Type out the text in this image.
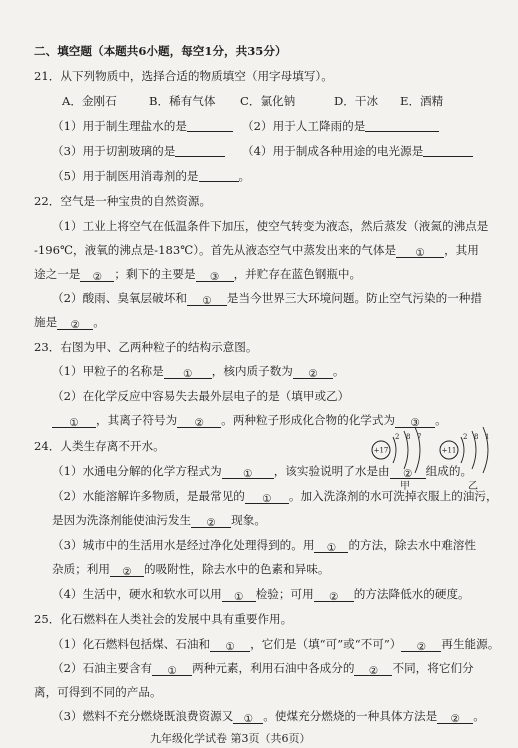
二、填空题（本题共6小题，每空1分，共35分）
21．从下列物质中，选择合适的物质填空（用字母填写）。
A．金刚石	B．稀有气体 C．氯化钠	D．干冰 E．酒精
（1）用于制生理盐水的是	（2）用于人工降雨的是
（3）用于切割玻璃的是	（4）用于制成各种用途的电光源是
（5）用于制医用消毒剂的是	。
22．空气是一种宝贵的自然资源。
（1）工业上将空气在低温条件下加压，使空气转变为液态，然后蒸发（液氮的沸点是
-196℃，液氧的沸点是-183℃）。首先从液态空气中蒸发出来的气体是 ① ，其用
途之一是 ② ；剩下的主要是 ③ ，并贮存在蓝色钢瓶中。
（2）酸雨、臭氧层破坏和 ① 是当今世界三大环境问题。防止空气污染的一种措
施是 ② 。
23．右图为甲、乙两种粒子的结构示意图。
（1）甲粒子的名称是 ① ，核内质子数为 ② 。
（2）在化学反应中容易失去最外层电子的是（填甲或乙）
① ，其离子符号为 ② 。两种粒子形成化合物的化学式为 ③ 。
+17
2 8 7
甲
+11
2 8 1
乙
24．人类生存离不开水。
（1）水通电分解的化学方程式为 ① ，该实验说明了水是由 ② 组成的。
（2）水能溶解许多物质，是最常见的 ① 。加入洗涤剂的水可洗掉衣服上的油污，
是因为洗涤剂能使油污发生 ② 现象。
（3）城市中的生活用水是经过净化处理得到的。用 ① 的方法，除去水中难溶性
杂质；利用 ② 的吸附性，除去水中的色素和异味。
（4）生活中，硬水和软水可以用 ① 检验；可用 ② 的方法降低水的硬度。
25．化石燃料在人类社会的发展中具有重要作用。
（1）化石燃料包括煤、石油和 ① ，它们是（填“可”或“不可”） ② 再生能源。
（2）石油主要含有 ① 两种元素，利用石油中各成分的 ② 不同，将它们分
离，可得到不同的产品。
（3）燃料不充分燃烧既浪费资源又 ① 。使煤充分燃烧的一种具体方法是 ② 。
九年级化学试卷 第3页（共6页）
